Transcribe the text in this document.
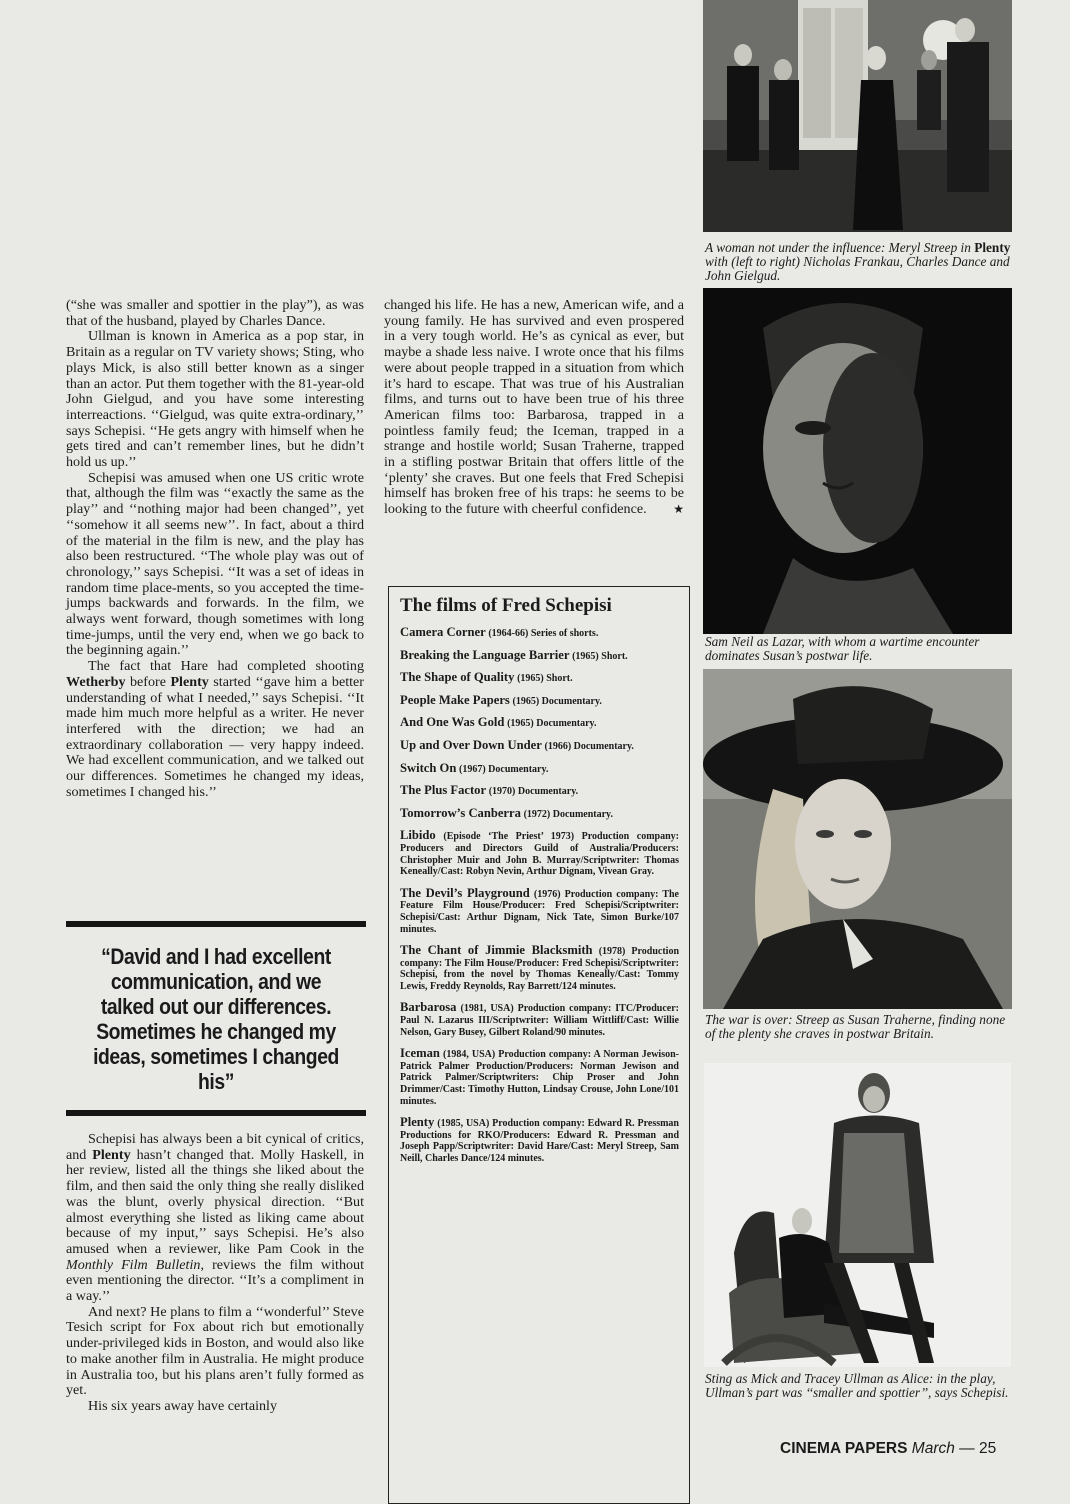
(“she was smaller and spottier in the play”), as was that of the husband, played by Charles Dance.

Ullman is known in America as a pop star, in Britain as a regular on TV variety shows; Sting, who plays Mick, is also still better known as a singer than an actor. Put them together with the 81-year-old John Gielgud, and you have some interesting interreactions. ‘‘Gielgud, was quite extra-ordinary,’’ says Schepisi. ‘‘He gets angry with himself when he gets tired and can’t remember lines, but he didn’t hold us up.’’

Schepisi was amused when one US critic wrote that, although the film was ‘‘exactly the same as the play’’ and ‘‘nothing major had been changed’’, yet ‘‘somehow it all seems new’’. In fact, about a third of the material in the film is new, and the play has also been restructured. ‘‘The whole play was out of chronology,’’ says Schepisi. ‘‘It was a set of ideas in random time place-ments, so you accepted the time-jumps backwards and forwards. In the film, we always went forward, though sometimes with long time-jumps, until the very end, when we go back to the beginning again.’’

The fact that Hare had completed shooting Wetherby before Plenty started ‘‘gave him a better understanding of what I needed,’’ says Schepisi. ‘‘It made him much more helpful as a writer. He never interfered with the direction; we had an extraordinary collaboration — very happy indeed. We had excellent communication, and we talked out our differences. Sometimes he changed my ideas, sometimes I changed his.’’

“David and I had excellent communication, and we talked out our differences. Sometimes he changed my ideas, sometimes I changed his”

Schepisi has always been a bit cynical of critics, and Plenty hasn’t changed that. Molly Haskell, in her review, listed all the things she liked about the film, and then said the only thing she really disliked was the blunt, overly physical direction. ‘‘But almost everything she listed as liking came about because of my input,’’ says Schepisi. He’s also amused when a reviewer, like Pam Cook in the Monthly Film Bulletin, reviews the film without even mentioning the director. ‘‘It’s a compliment in a way.’’

And next? He plans to film a ‘‘wonderful’’ Steve Tesich script for Fox about rich but emotionally under-privileged kids in Boston, and would also like to make another film in Australia. He might produce in Australia too, but his plans aren’t fully formed as yet.

His six years away have certainly

changed his life. He has a new, American wife, and a young family. He has survived and even prospered in a very tough world. He’s as cynical as ever, but maybe a shade less naive. I wrote once that his films were about people trapped in a situation from which it’s hard to escape. That was true of his Australian films, and turns out to have been true of his three American films too: Barbarosa, trapped in a pointless family feud; the Iceman, trapped in a strange and hostile world; Susan Traherne, trapped in a stifling postwar Britain that offers little of the ‘plenty’ she craves. But one feels that Fred Schepisi himself has broken free of his traps: he seems to be looking to the future with cheerful confidence. ★

The films of Fred Schepisi

Camera Corner (1964-66) Series of shorts.

Breaking the Language Barrier (1965) Short.

The Shape of Quality (1965) Short.

People Make Papers (1965) Documentary.

And One Was Gold (1965) Documentary.

Up and Over Down Under (1966) Documentary.

Switch On (1967) Documentary.

The Plus Factor (1970) Documentary.

Tomorrow’s Canberra (1972) Documentary.

Libido (Episode ‘The Priest’ 1973) Production company: Producers and Directors Guild of Australia/Producers: Christopher Muir and John B. Murray/Scriptwriter: Thomas Keneally/Cast: Robyn Nevin, Arthur Dignam, Vivean Gray.

The Devil’s Playground (1976) Production company: The Feature Film House/Producer: Fred Schepisi/Scriptwriter: Schepisi/Cast: Arthur Dignam, Nick Tate, Simon Burke/107 minutes.

The Chant of Jimmie Blacksmith (1978) Production company: The Film House/Producer: Fred Schepisi/Scriptwriter: Schepisi, from the novel by Thomas Keneally/Cast: Tommy Lewis, Freddy Reynolds, Ray Barrett/124 minutes.

Barbarosa (1981, USA) Production company: ITC/Producer: Paul N. Lazarus III/Scriptwriter: William Wittliff/Cast: Willie Nelson, Gary Busey, Gilbert Roland/90 minutes.

Iceman (1984, USA) Production company: A Norman Jewison-Patrick Palmer Production/Producers: Norman Jewison and Patrick Palmer/Scriptwriters: Chip Proser and John Drimmer/Cast: Timothy Hutton, Lindsay Crouse, John Lone/101 minutes.

Plenty (1985, USA) Production company: Edward R. Pressman Productions for RKO/Producers: Edward R. Pressman and Joseph Papp/Scriptwriter: David Hare/Cast: Meryl Streep, Sam Neill, Charles Dance/124 minutes.

A woman not under the influence: Meryl Streep in Plenty with (left to right) Nicholas Frankau, Charles Dance and John Gielgud.
Sam Neil as Lazar, with whom a wartime encounter dominates Susan’s postwar life.
The war is over: Streep as Susan Traherne, finding none of the plenty she craves in postwar Britain.
Sting as Mick and Tracey Ullman as Alice: in the play, Ullman’s part was ‘‘smaller and spottier’’, says Schepisi.
CINEMA PAPERS March — 25
